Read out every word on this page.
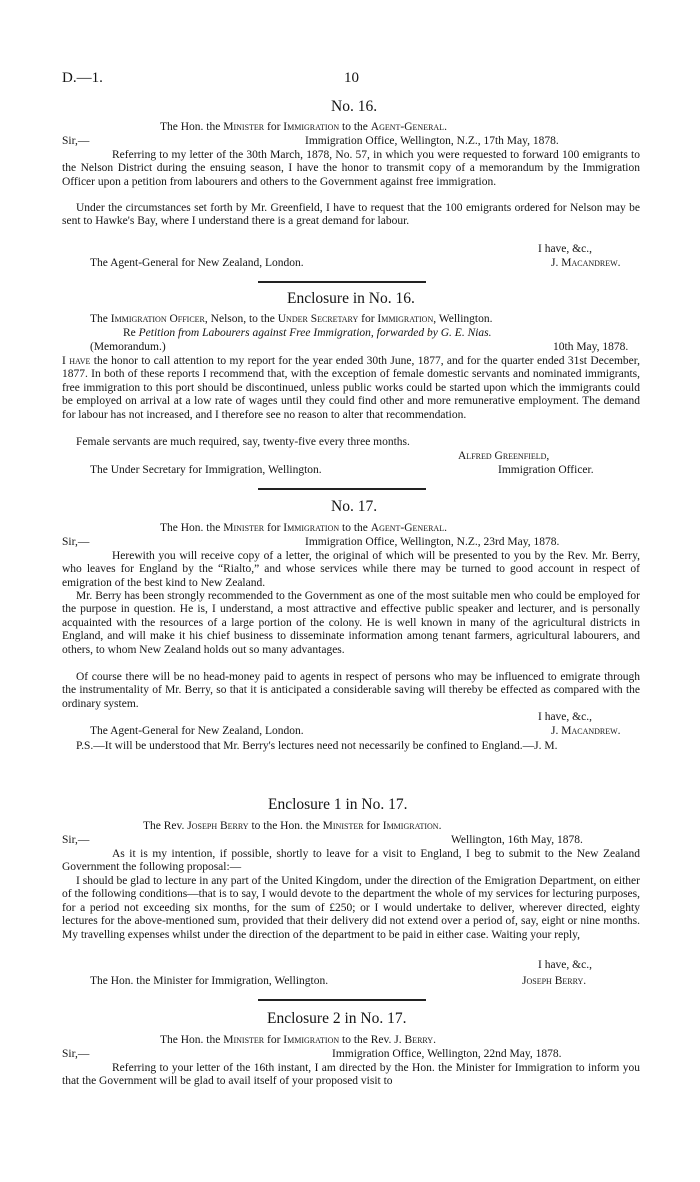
D.—1.	10
No. 16.
The Hon. the Minister for Immigration to the Agent-General.
Sir,—	Immigration Office, Wellington, N.Z., 17th May, 1878.

Referring to my letter of the 30th March, 1878, No. 57, in which you were requested to forward 100 emigrants to the Nelson District during the ensuing season, I have the honor to transmit copy of a memorandum by the Immigration Officer upon a petition from labourers and others to the Government against free immigration.

Under the circumstances set forth by Mr. Greenfield, I have to request that the 100 emigrants ordered for Nelson may be sent to Hawke's Bay, where I understand there is a great demand for labour.

I have, &c.,
The Agent-General for New Zealand, London.	J. Macandrew.
Enclosure in No. 16.
The Immigration Officer, Nelson, to the Under Secretary for Immigration, Wellington.
Re Petition from Labourers against Free Immigration, forwarded by G. E. Nias.
(Memorandum.)	10th May, 1878.

I have the honor to call attention to my report for the year ended 30th June, 1877, and for the quarter ended 31st December, 1877. In both of these reports I recommend that, with the exception of female domestic servants and nominated immigrants, free immigration to this port should be discontinued, unless public works could be started upon which the immigrants could be employed on arrival at a low rate of wages until they could find other and more remunerative employment. The demand for labour has not increased, and I therefore see no reason to alter that recommendation.

Female servants are much required, say, twenty-five every three months.

Alfred Greenfield,
The Under Secretary for Immigration, Wellington.	Immigration Officer.
No. 17.
The Hon. the Minister for Immigration to the Agent-General.
Sir,—	Immigration Office, Wellington, N.Z., 23rd May, 1878.

Herewith you will receive copy of a letter, the original of which will be presented to you by the Rev. Mr. Berry, who leaves for England by the “Rialto,” and whose services while there may be turned to good account in respect of emigration of the best kind to New Zealand.

Mr. Berry has been strongly recommended to the Government as one of the most suitable men who could be employed for the purpose in question. He is, I understand, a most attractive and effective public speaker and lecturer, and is personally acquainted with the resources of a large portion of the colony. He is well known in many of the agricultural districts in England, and will make it his chief business to disseminate information among tenant farmers, agricultural labourers, and others, to whom New Zealand holds out so many advantages.

Of course there will be no head-money paid to agents in respect of persons who may be influenced to emigrate through the instrumentality of Mr. Berry, so that it is anticipated a considerable saving will thereby be effected as compared with the ordinary system.

I have, &c.,
The Agent-General for New Zealand, London.	J. Macandrew.

P.S.—It will be understood that Mr. Berry's lectures need not necessarily be confined to England.—J. M.

Enclosure 1 in No. 17.
The Rev. Joseph Berry to the Hon. the Minister for Immigration.
Sir,—	Wellington, 16th May, 1878.

As it is my intention, if possible, shortly to leave for a visit to England, I beg to submit to the New Zealand Government the following proposal:—

I should be glad to lecture in any part of the United Kingdom, under the direction of the Emigration Department, on either of the following conditions—that is to say, I would devote to the department the whole of my services for lecturing purposes, for a period not exceeding six months, for the sum of £250; or I would undertake to deliver, wherever directed, eighty lectures for the above-mentioned sum, provided that their delivery did not extend over a period of, say, eight or nine months. My travelling expenses whilst under the direction of the department to be paid in either case. Waiting your reply,

I have, &c.,
The Hon. the Minister for Immigration, Wellington.	Joseph Berry.
Enclosure 2 in No. 17.
The Hon. the Minister for Immigration to the Rev. J. Berry.
Sir,—	Immigration Office, Wellington, 22nd May, 1878.

Referring to your letter of the 16th instant, I am directed by the Hon. the Minister for Immigration to inform you that the Government will be glad to avail itself of your proposed visit to
